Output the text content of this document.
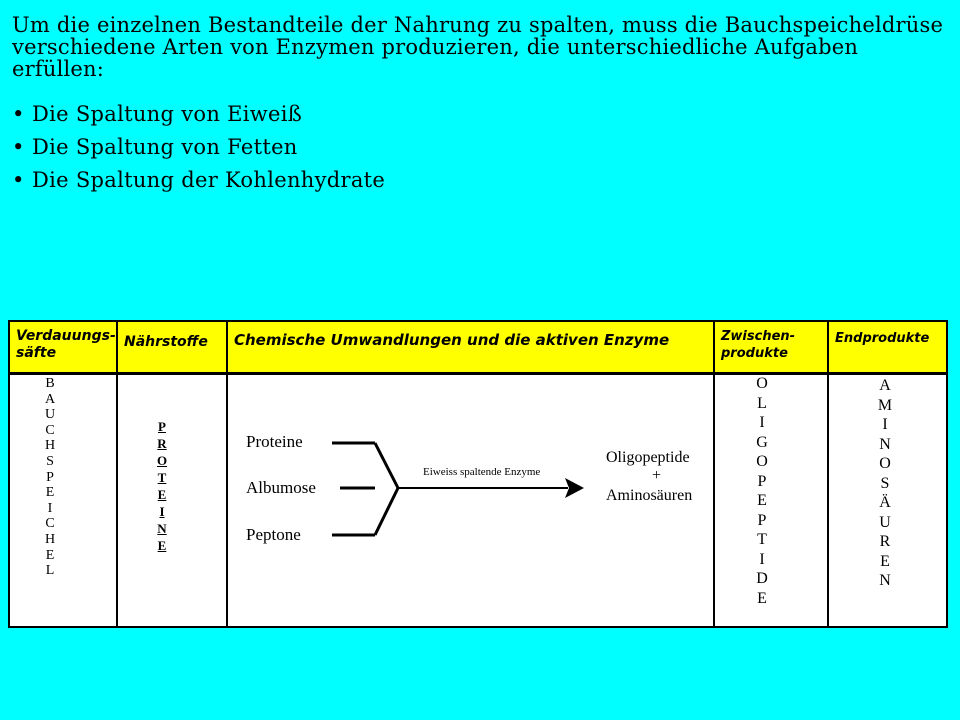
Um die einzelnen Bestandteile der Nahrung zu spalten, muss die Bauchspeicheldrüse verschiedene Arten von Enzymen produzieren, die unterschiedliche Aufgaben erfüllen:
• Die Spaltung von Eiweiß
• Die Spaltung von Fetten
• Die Spaltung der Kohlenhydrate
Verdauungs-
säfte
Nährstoffe	Chemische Umwandlungen und die aktiven Enzyme	Zwischen-
produkte
Endprodukte
B
A
U
C
H
S
P
E
I
C
H
E
L
P
R
O
T
E
I
N
E
O
L
I
G
O
P
E
P
T
I
D
E
A
M
I
N
O
S
Ä
U
R
E
N
Proteine
Albumose
Peptone
Eiweiss spaltende Enzyme
Oligopeptide
+
Aminosäuren
